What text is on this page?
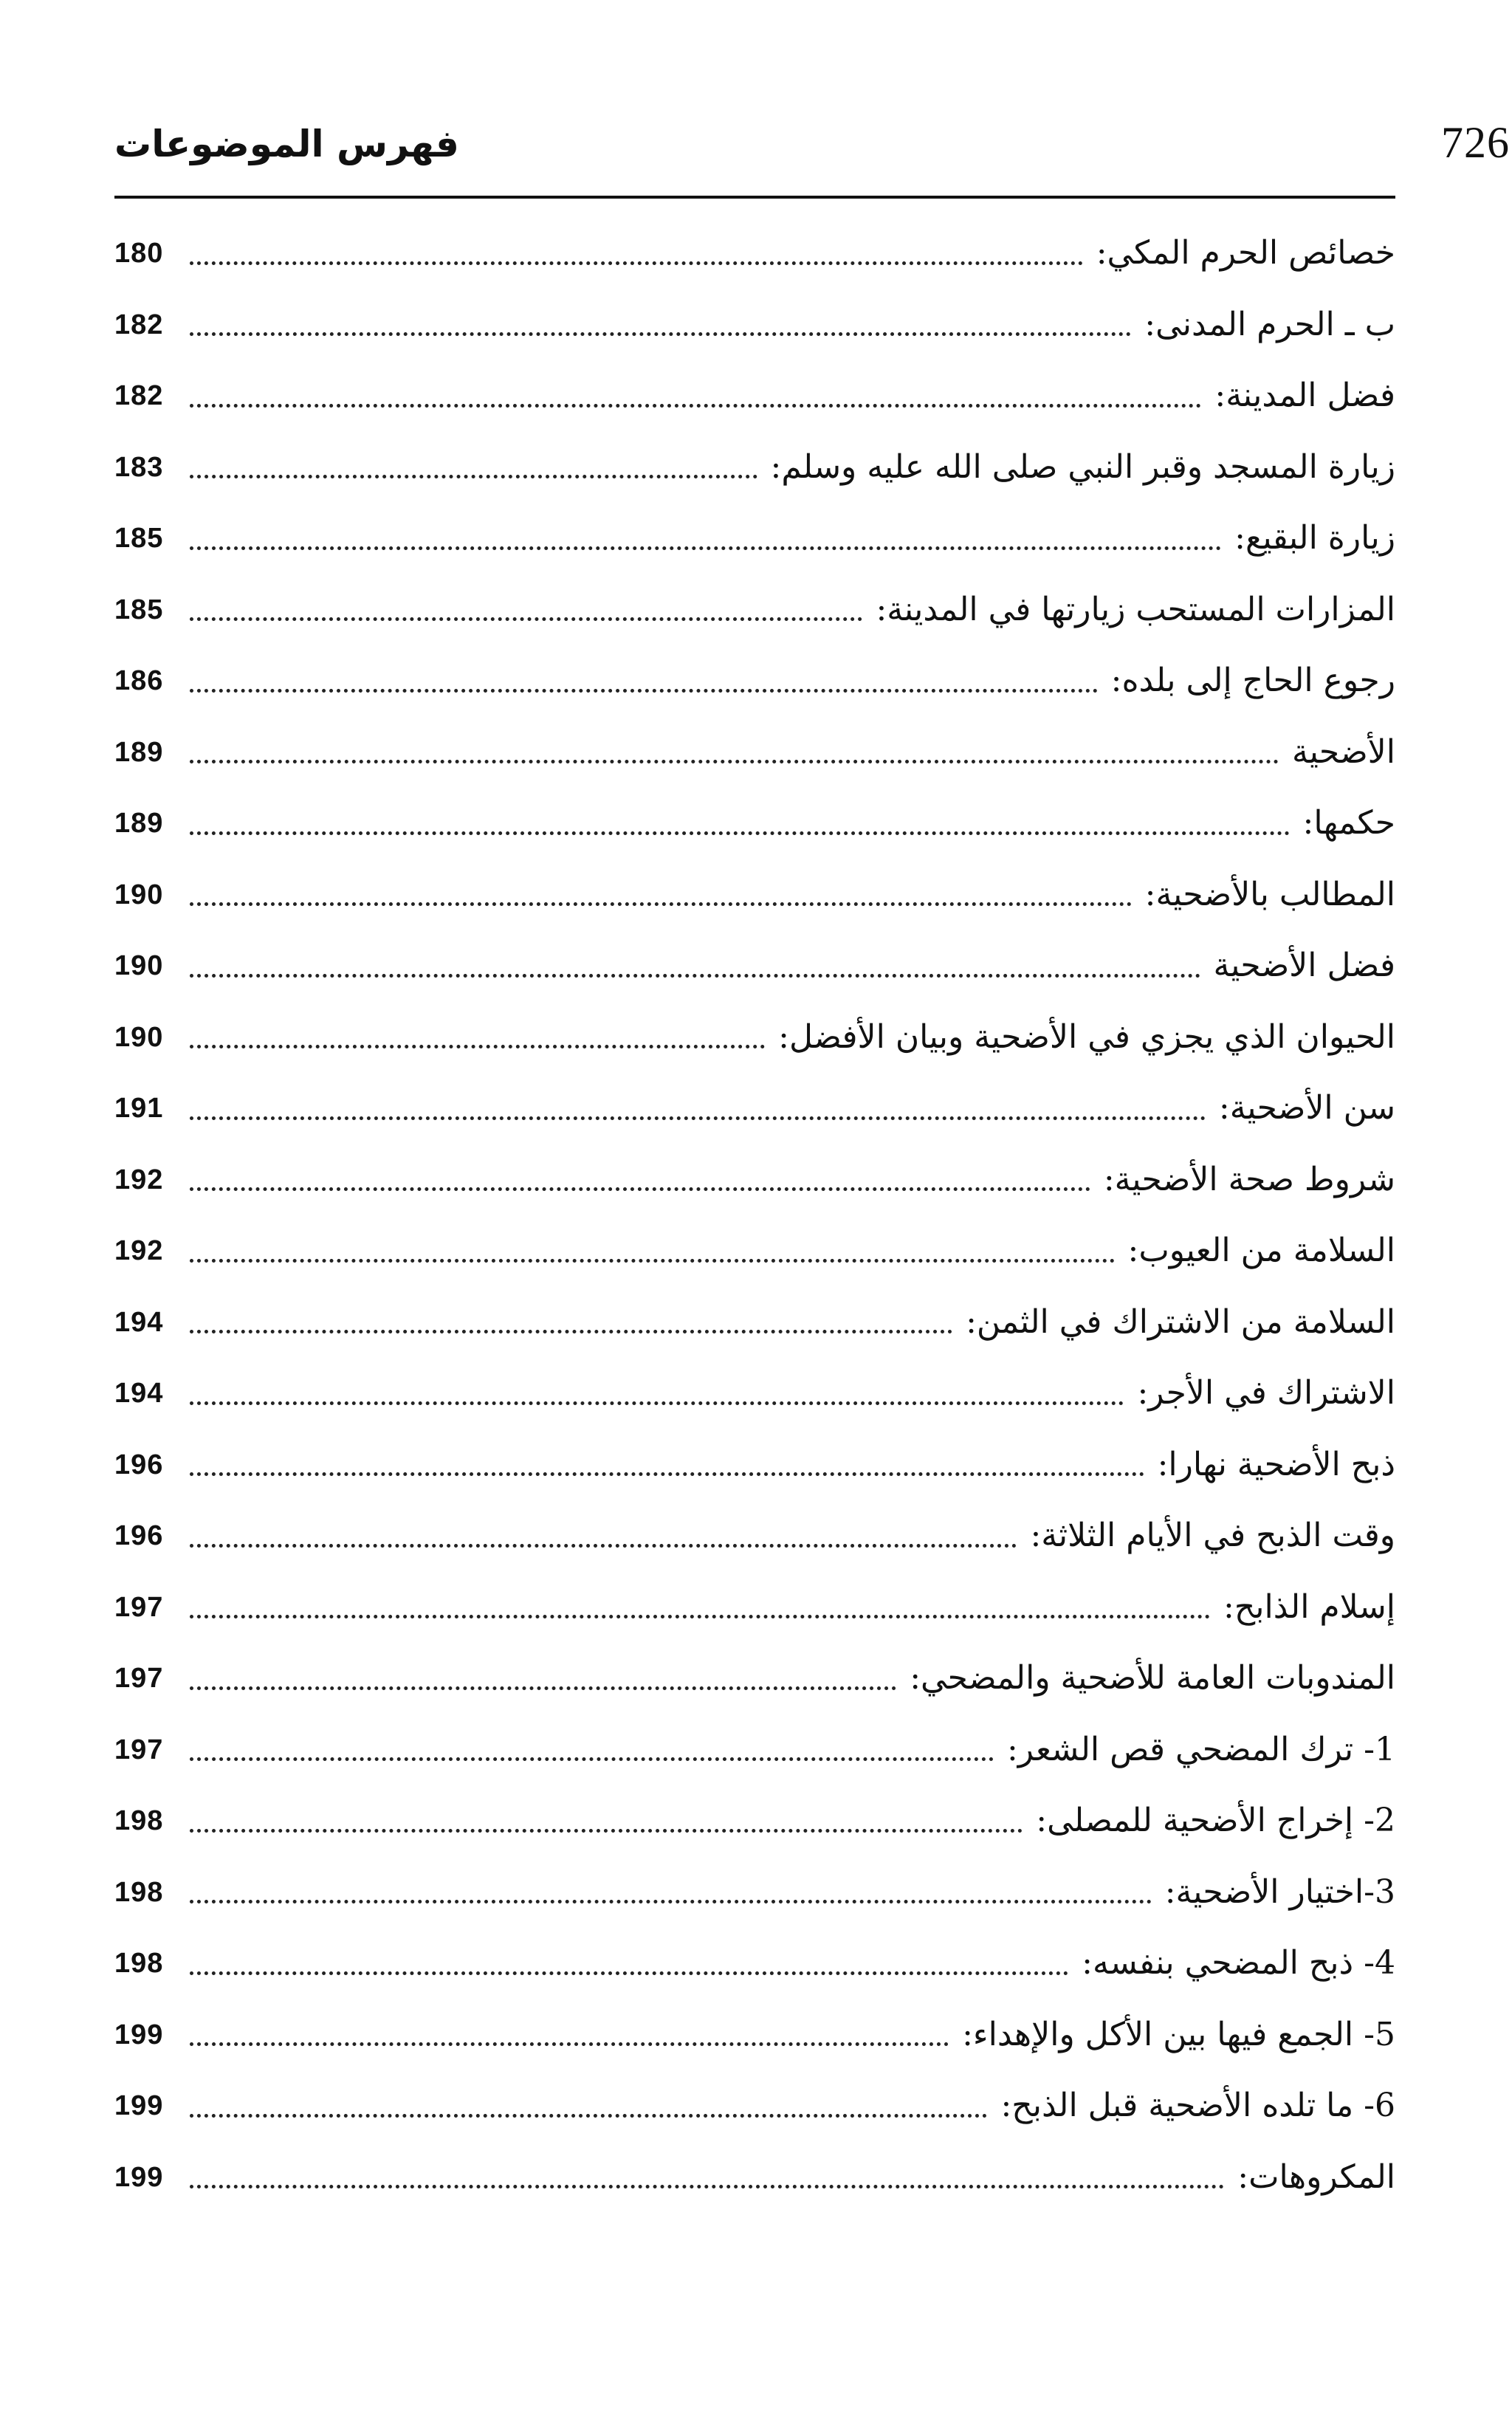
726
فهرس الموضوعات
خصائص الحرم المكي:
180
ب ـ الحرم المدنى:
182
فضل المدينة:
182
زيارة المسجد وقبر النبي صلى الله عليه وسلم:
183
زيارة البقيع:
185
المزارات المستحب زيارتها في المدينة:
185
رجوع الحاج إلى بلده:
186
الأضحية
189
حكمها:
189
المطالب بالأضحية:
190
فضل الأضحية
190
الحيوان الذي يجزي في الأضحية وبيان الأفضل:
190
سن الأضحية:
191
شروط صحة الأضحية:
192
السلامة من العيوب:
192
السلامة من الاشتراك في الثمن:
194
الاشتراك في الأجر:
194
ذبح الأضحية نهارا:
196
وقت الذبح في الأيام الثلاثة:
196
إسلام الذابح:
197
المندوبات العامة للأضحية والمضحي:
197
1- ترك المضحي قص الشعر:
197
2- إخراج الأضحية للمصلى:
198
3-اختيار الأضحية:
198
4- ذبح المضحي بنفسه:
198
5- الجمع فيها بين الأكل والإهداء:
199
6- ما تلده الأضحية قبل الذبح:
199
المكروهات:
199
